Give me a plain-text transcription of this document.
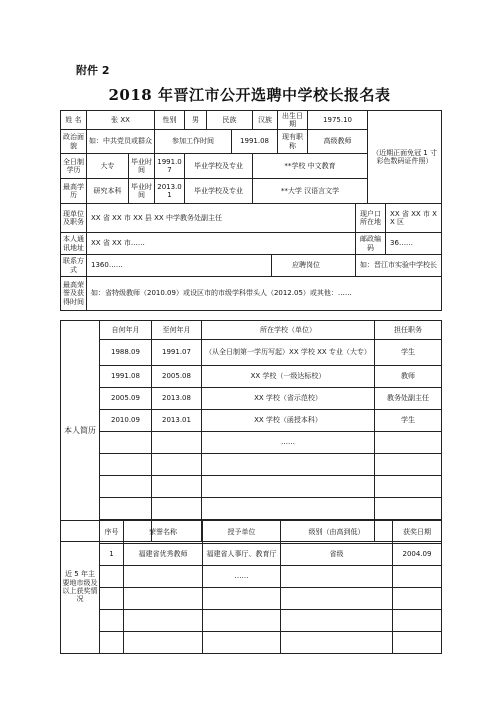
附件 2
2018 年晋江市公开选聘中学校长报名表
姓 名	张 XX		性别	男	民族		汉族	出生日期	1975.10	（近期正面免冠 1 寸彩色数码证件照）
政治面貌	如：中共党员或群众		参加工作时间			1991.08		现有职称	高级教师	
全日制学历	大专	毕业时间	1991.07	毕业学校及专业			**学校 中文教育			
最高学历	研究本科	毕业时间	2013.01	毕业学校及专业			**大学 汉语言文学			
现单位及职务	XX 省 XX 市 XX 县 XX 中学教务处副主任		现户口所在地	XX 省 XX 市 XX 区
本人通讯地址	XX 省 XX 市……		邮政编码	36……
联系方式	1360……	应聘岗位	如：晋江市实验中学校长	
最高荣誉及获得时间	如：省特级教师（2010.09）或设区市的市级学科带头人（2012.05）或其他：……			
本人简历	自何年月	至何年月	所在学校（单位）	担任职务
	1988.09	1991.07	（从全日制第一学历写起）XX 学校 XX 专业（大专）	学生
	1991.08	2005.08	XX 学校（一级达标校）	教师
	2005.09	2013.08	XX 学校（省示范校）	教务处副主任
	2010.09	2013.01	XX 学校（函授本科）	学生
			……	

近 5 年主要地市级及以上获奖情况	序号	荣誉名称	授予单位	级别（由高到低）	获奖日期
	1	福建省优秀教师	福建省人事厅、教育厅	省级	2004.09
			……		
